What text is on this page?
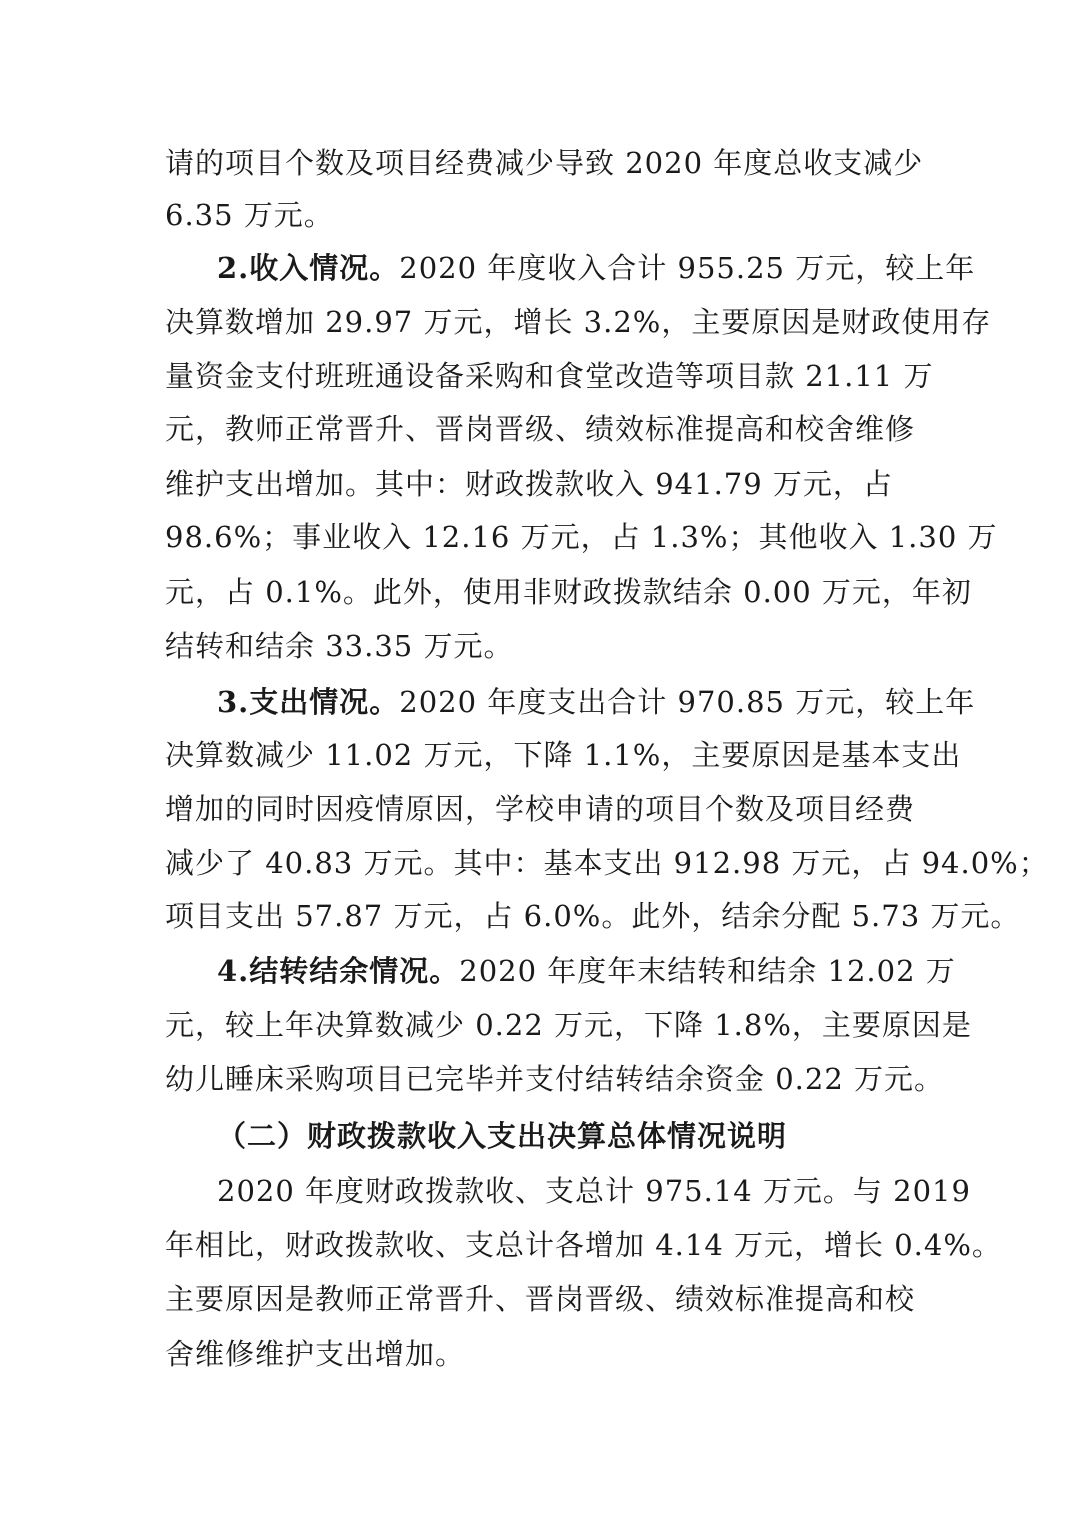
请的项目个数及项目经费减少导致 2020 年度总收支减少
6.35 万元。
2.收入情况。2020 年度收入合计 955.25 万元，较上年
决算数增加 29.97 万元，增长 3.2%，主要原因是财政使用存
量资金支付班班通设备采购和食堂改造等项目款 21.11 万
元，教师正常晋升、晋岗晋级、绩效标准提高和校舍维修
维护支出增加。其中：财政拨款收入 941.79 万元，占
98.6%；事业收入 12.16 万元，占 1.3%；其他收入 1.30 万
元，占 0.1%。此外，使用非财政拨款结余 0.00 万元，年初
结转和结余 33.35 万元。
3.支出情况。2020 年度支出合计 970.85 万元，较上年
决算数减少 11.02 万元，下降 1.1%，主要原因是基本支出
增加的同时因疫情原因，学校申请的项目个数及项目经费
减少了 40.83 万元。其中：基本支出 912.98 万元，占 94.0%；
项目支出 57.87 万元，占 6.0%。此外，结余分配 5.73 万元。
4.结转结余情况。2020 年度年末结转和结余 12.02 万
元，较上年决算数减少 0.22 万元，下降 1.8%，主要原因是
幼儿睡床采购项目已完毕并支付结转结余资金 0.22 万元。
（二）财政拨款收入支出决算总体情况说明
2020 年度财政拨款收、支总计 975.14 万元。与 2019
年相比，财政拨款收、支总计各增加 4.14 万元，增长 0.4%。
主要原因是教师正常晋升、晋岗晋级、绩效标准提高和校
舍维修维护支出增加。
